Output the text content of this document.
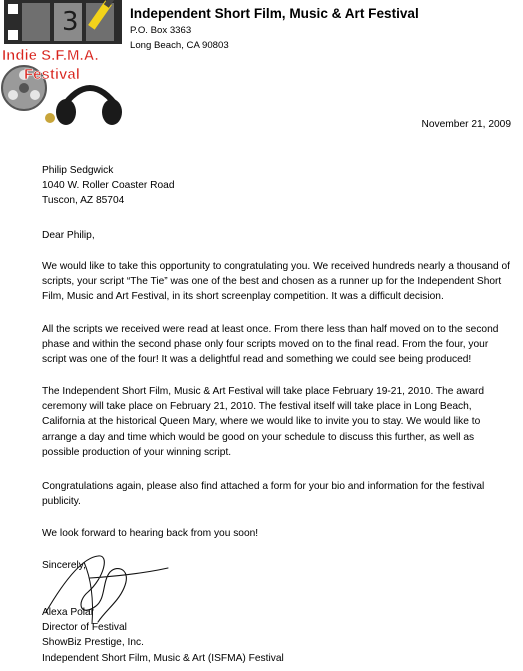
3
Indie S.F.M.A.
Festival
Independent Short Film, Music & Art Festival
P.O. Box 3363
Long Beach, CA 90803
November 21, 2009
Philip Sedgwick
1040 W. Roller Coaster Road
Tuscon, AZ 85704
Dear Philip,

We would like to take this opportunity to congratulating you. We received hundreds nearly a thousand of scripts, your script “The Tie” was one of the best and chosen as a runner up for the Independent Short Film, Music and Art Festival, in its short screenplay competition. It was a difficult decision.

All the scripts we received were read at least once. From there less than half moved on to the second phase and within the second phase only four scripts moved on to the final read. From the four, your script was one of the four! It was a delightful read and something we could see being produced!

The Independent Short Film, Music & Art Festival will take place February 19-21, 2010. The award ceremony will take place on February 21, 2010. The festival itself will take place in Long Beach, California at the historical Queen Mary, where we would like to invite you to stay. We would like to arrange a day and time which would be good on your schedule to discuss this further, as well as possible production of your winning script.

Congratulations again, please also find attached a form for your bio and information for the festival publicity.

We look forward to hearing back from you soon!

Sincerely,
Alexa Polar
Director of Festival
ShowBiz Prestige, Inc.
Independent Short Film, Music & Art (ISFMA) Festival
